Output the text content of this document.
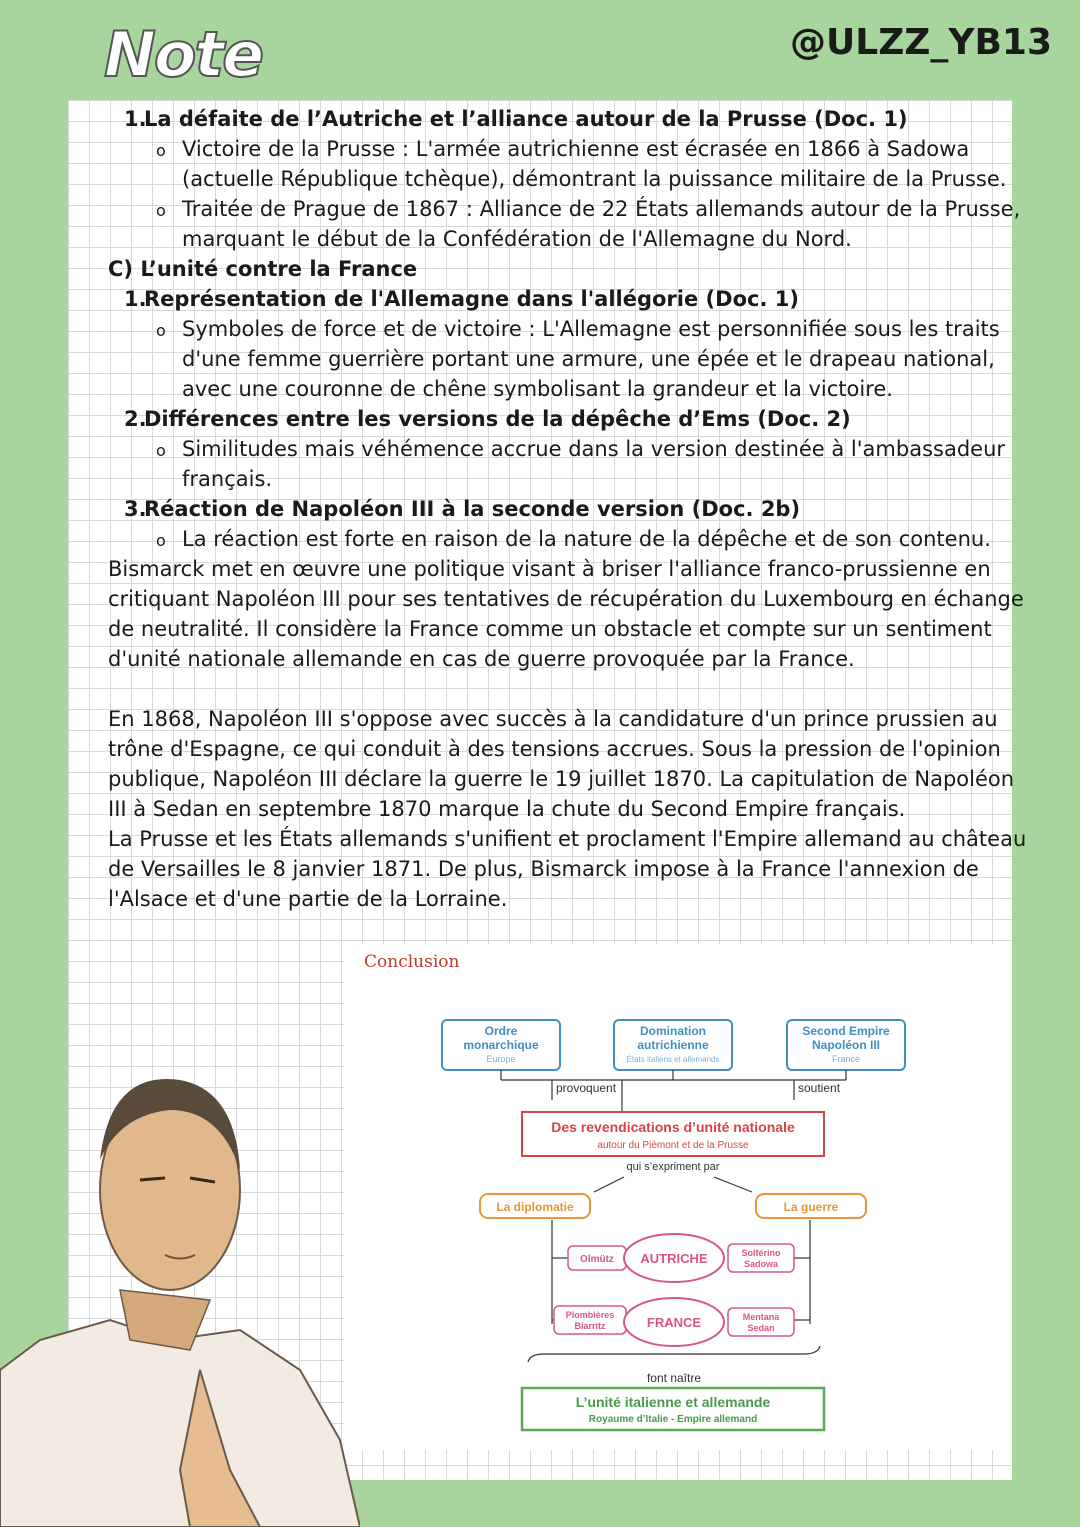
Note	@ULZZ_YB13
1.La défaite de l’Autriche et l’alliance autour de la Prusse (Doc. 1)
o Victoire de la Prusse : L'armée autrichienne est écrasée en 1866 à Sadowa
(actuelle République tchèque), démontrant la puissance militaire de la Prusse.
o Traitée de Prague de 1867 : Alliance de 22 États allemands autour de la Prusse,
marquant le début de la Confédération de l'Allemagne du Nord.
C) L’unité contre la France
1.Représentation de l'Allemagne dans l'allégorie (Doc. 1)
o Symboles de force et de victoire : L'Allemagne est personnifiée sous les traits
d'une femme guerrière portant une armure, une épée et le drapeau national,
avec une couronne de chêne symbolisant la grandeur et la victoire.
2.Différences entre les versions de la dépêche d’Ems (Doc. 2)
o Similitudes mais véhémence accrue dans la version destinée à l'ambassadeur
français.
3.Réaction de Napoléon III à la seconde version (Doc. 2b)
o La réaction est forte en raison de la nature de la dépêche et de son contenu.
Bismarck met en œuvre une politique visant à briser l'alliance franco-prussienne en
critiquant Napoléon III pour ses tentatives de récupération du Luxembourg en échange
de neutralité. Il considère la France comme un obstacle et compte sur un sentiment
d'unité nationale allemande en cas de guerre provoquée par la France.
En 1868, Napoléon III s'oppose avec succès à la candidature d'un prince prussien au
trône d'Espagne, ce qui conduit à des tensions accrues. Sous la pression de l'opinion
publique, Napoléon III déclare la guerre le 19 juillet 1870. La capitulation de Napoléon
III à Sedan en septembre 1870 marque la chute du Second Empire français.
La Prusse et les États allemands s'unifient et proclament l'Empire allemand au château
de Versailles le 8 janvier 1871. De plus, Bismarck impose à la France l'annexion de
l'Alsace et d'une partie de la Lorraine.
Conclusion
Ordre
monarchique
Europe
Domination
autrichienne
États italiens et allemands
Second Empire
Napoléon III
France
provoquent	soutient
Des revendications d’unité nationale
autour du Piémont et de la Prusse
qui s’expriment par
La diplomatie	La guerre
Olmütz AUTRICHE	Solférino
Sadowa
Plombières
Biarritz	FRANCE	Mentana
Sedan
font naître
L’unité italienne et allemande
Royaume d’Italie - Empire allemand
